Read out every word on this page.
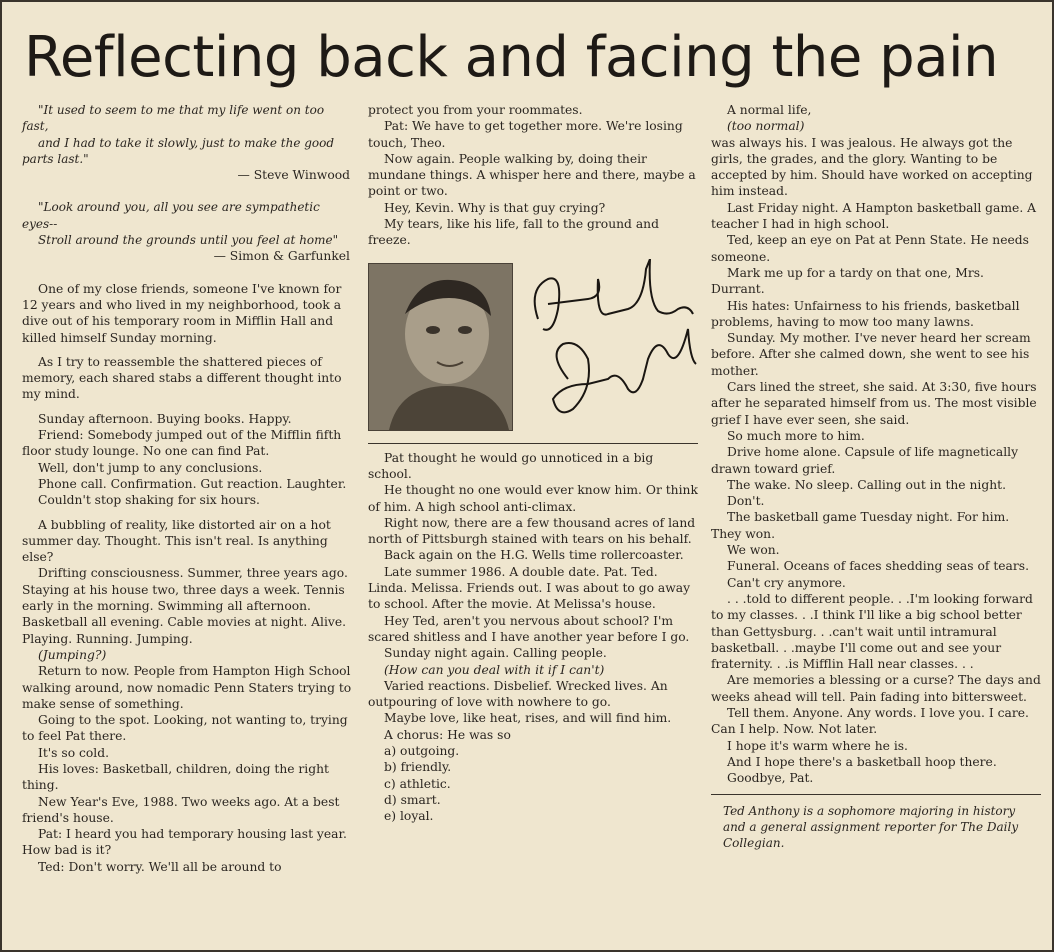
Reflecting back and facing the pain

"It used to seem to me that my life went on too fast,

and I had to take it slowly, just to make the good parts last."

— Steve Winwood

"Look around you, all you see are sympathetic eyes--

Stroll around the grounds until you feel at home"

— Simon & Garfunkel

One of my close friends, someone I've known for 12 years and who lived in my neighborhood, took a dive out of his temporary room in Mifflin Hall and killed himself Sunday morning.

As I try to reassemble the shattered pieces of memory, each shared stabs a different thought into my mind.

Sunday afternoon. Buying books. Happy.

Friend: Somebody jumped out of the Mifflin fifth floor study lounge. No one can find Pat.

Well, don't jump to any conclusions.

Phone call. Confirmation. Gut reaction. Laughter.

Couldn't stop shaking for six hours.

A bubbling of reality, like distorted air on a hot summer day. Thought. This isn't real. Is anything else?

Drifting consciousness. Summer, three years ago. Staying at his house two, three days a week. Tennis early in the morning. Swimming all afternoon. Basketball all evening. Cable movies at night. Alive. Playing. Running. Jumping.

(Jumping?)

Return to now. People from Hampton High School walking around, now nomadic Penn Staters trying to make sense of something.

Going to the spot. Looking, not wanting to, trying to feel Pat there.

It's so cold.

His loves: Basketball, children, doing the right thing.

New Year's Eve, 1988. Two weeks ago. At a best friend's house.

Pat: I heard you had temporary housing last year. How bad is it?

Ted: Don't worry. We'll all be around to

protect you from your roommates.

Pat: We have to get together more. We're losing touch, Theo.

Now again. People walking by, doing their mundane things. A whisper here and there, maybe a point or two.

Hey, Kevin. Why is that guy crying?

My tears, like his life, fall to the ground and freeze.

Pat thought he would go unnoticed in a big school.

He thought no one would ever know him. Or think of him. A high school anti-climax.

Right now, there are a few thousand acres of land north of Pittsburgh stained with tears on his behalf.

Back again on the H.G. Wells time rollercoaster.

Late summer 1986. A double date. Pat. Ted. Linda. Melissa. Friends out. I was about to go away to school. After the movie. At Melissa's house.

Hey Ted, aren't you nervous about school? I'm scared shitless and I have another year before I go.

Sunday night again. Calling people.

(How can you deal with it if I can't)

Varied reactions. Disbelief. Wrecked lives. An outpouring of love with nowhere to go.

Maybe love, like heat, rises, and will find him.

A chorus: He was so

a) outgoing.

b) friendly.

c) athletic.

d) smart.

e) loyal.

A normal life,

(too normal)

was always his. I was jealous. He always got the girls, the grades, and the glory. Wanting to be accepted by him. Should have worked on accepting him instead.

Last Friday night. A Hampton basketball game. A teacher I had in high school.

Ted, keep an eye on Pat at Penn State. He needs someone.

Mark me up for a tardy on that one, Mrs. Durrant.

His hates: Unfairness to his friends, basketball problems, having to mow too many lawns.

Sunday. My mother. I've never heard her scream before. After she calmed down, she went to see his mother.

Cars lined the street, she said. At 3:30, five hours after he separated himself from us. The most visible grief I have ever seen, she said.

So much more to him.

Drive home alone. Capsule of life magnetically drawn toward grief.

The wake. No sleep. Calling out in the night.

Don't.

The basketball game Tuesday night. For him. They won.

We won.

Funeral. Oceans of faces shedding seas of tears.

Can't cry anymore.

. . .told to different people. . .I'm looking forward to my classes. . .I think I'll like a big school better than Gettysburg. . .can't wait until intramural basketball. . .maybe I'll come out and see your fraternity. . .is Mifflin Hall near classes. . .

Are memories a blessing or a curse? The days and weeks ahead will tell. Pain fading into bittersweet.

Tell them. Anyone. Any words. I love you. I care. Can I help. Now. Not later.

I hope it's warm where he is.

And I hope there's a basketball hoop there.

Goodbye, Pat.

Ted Anthony is a sophomore majoring in history and a general assignment reporter for The Daily Collegian.
